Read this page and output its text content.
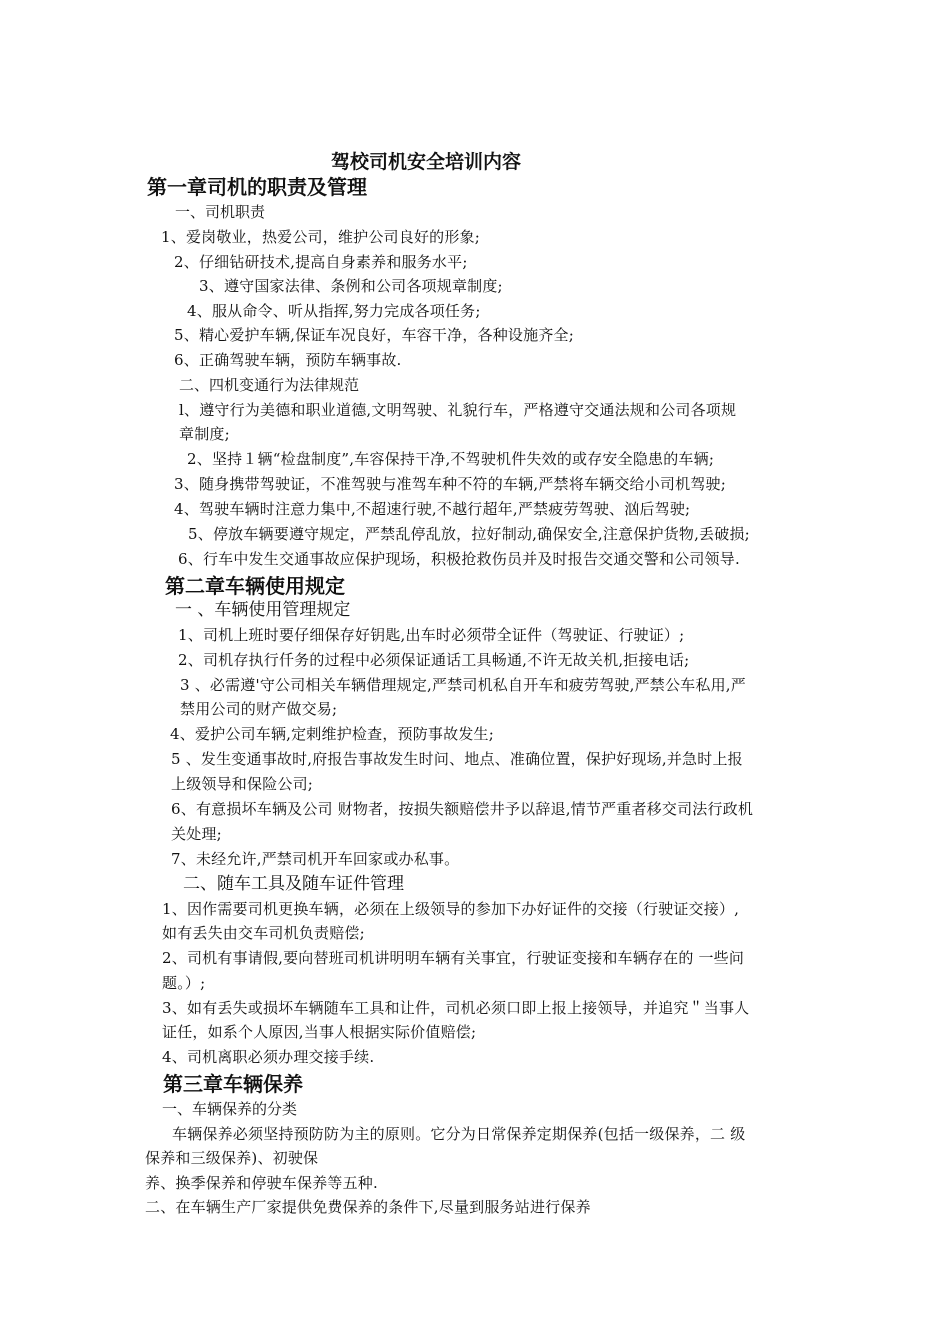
驾校司机安全培训内容
第一章司机的职责及管理
一、司机职责
1、爱岗敬业，热爱公司，维护公司良好的形象;
2、仔细钻研技术,提高自身素养和服务水平;
3、遵守国家法律、条例和公司各项规章制度;
4、服从命令、听从指挥,努力完成各项任务;
5、精心爱护车辆,保证车况良好，车容干净，各种设施齐全;
6、正确驾驶车辆，预防车辆事故.
二、四机变通行为法律规范
l、遵守行为美德和职业道德,文明驾驶、礼貌行车，严格遵守交通法规和公司各项规
章制度;
2、坚持１辆“检盘制度”,车容保持干净,不驾驶机件失效的或存安全隐患的车辆;
3、随身携带驾驶证，不准驾驶与准驾车种不符的车辆,严禁将车辆交给小司机驾驶;
4、驾驶车辆时注意力集中,不超速行驶,不越行超年,严禁疲劳驾驶、汹后驾驶;
5、停放车辆要遵守规定，严禁乱停乱放，拉好制动,确保安全,注意保护货物,丢破损;
6、行车中发生交通事故应保护现场，积极抢救伤员并及时报告交通交警和公司领导.
第二章车辆使用规定
一 、车辆使用管理规定
1、司机上班时要仔细保存好钥匙,出车时必须带全证件（驾驶证、行驶证）;
2、司机存执行仟务的过程中必须保证通话工具畅通,不许无故关机,拒接电话;
3 、必需遵'守公司相关车辆借理规定,严禁司机私自开车和疲劳驾驶,严禁公车私用,严
禁用公司的财产做交易;
4、爱护公司车辆,定剌维护检查，预防事故发生;
5 、发生变通事故时,府报告事故发生时问、地点、准确位置，保护好现场,并急时上报
上级领导和保险公司;
6、有意损坏车辆及公司 财物者，按损失额赔偿井予以辞退,情节严重者移交司法行政机
关处理;
7、未经允许,严禁司机开车回家或办私事。
二、随车工具及随车证件管理
1、因作需要司机更换车辆，必须在上级领导的参加下办好证件的交接（行驶证交接）,
如有丢失由交车司机负责赔偿;
2、司机有事请假,要向替班司机讲明明车辆有关事宜，行驶证变接和车辆存在的 一些问
题。）;
3、如有丢失或损坏车辆随车工具和让件，司机必须口即上报上接领导，并追究＂当事人
证任，如系个人原因,当事人根据实际价值赔偿;
4、司机离职必须办理交接手续.
第三章车辆保养
一、车辆保养的分类
车辆保养必须坚持预防防为主的原则。它分为日常保养定期保养(包括一级保养，二 级
保养和三级保养)、初驶保
养、换季保养和停驶车保养等五种.
二、在车辆生产厂家提供免费保养的条件下,尽量到服务站进行保养
